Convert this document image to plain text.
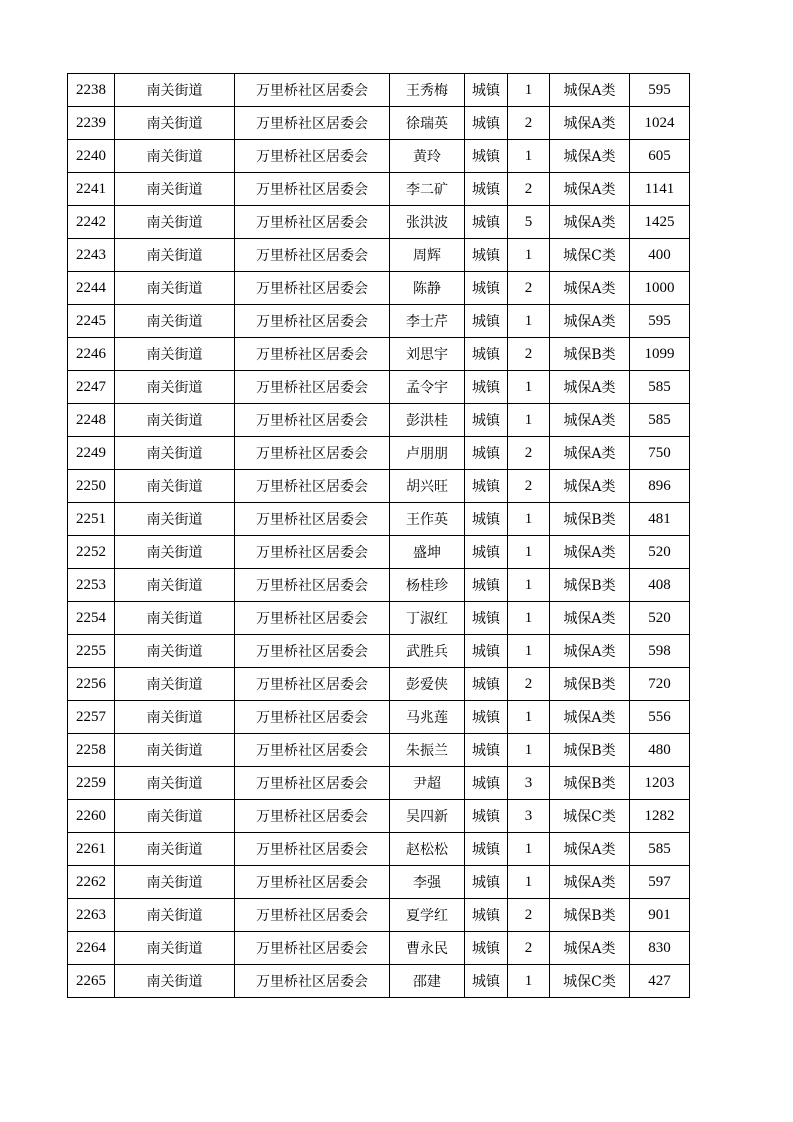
2238	南关街道	万里桥社区居委会	王秀梅	城镇	1	城保A类	595
2239	南关街道	万里桥社区居委会	徐瑞英	城镇	2	城保A类	1024
2240	南关街道	万里桥社区居委会	黄玲	城镇	1	城保A类	605
2241	南关街道	万里桥社区居委会	李二矿	城镇	2	城保A类	1141
2242	南关街道	万里桥社区居委会	张洪波	城镇	5	城保A类	1425
2243	南关街道	万里桥社区居委会	周辉	城镇	1	城保C类	400
2244	南关街道	万里桥社区居委会	陈静	城镇	2	城保A类	1000
2245	南关街道	万里桥社区居委会	李士芹	城镇	1	城保A类	595
2246	南关街道	万里桥社区居委会	刘思宇	城镇	2	城保B类	1099
2247	南关街道	万里桥社区居委会	孟令宇	城镇	1	城保A类	585
2248	南关街道	万里桥社区居委会	彭洪桂	城镇	1	城保A类	585
2249	南关街道	万里桥社区居委会	卢朋朋	城镇	2	城保A类	750
2250	南关街道	万里桥社区居委会	胡兴旺	城镇	2	城保A类	896
2251	南关街道	万里桥社区居委会	王作英	城镇	1	城保B类	481
2252	南关街道	万里桥社区居委会	盛坤	城镇	1	城保A类	520
2253	南关街道	万里桥社区居委会	杨桂珍	城镇	1	城保B类	408
2254	南关街道	万里桥社区居委会	丁淑红	城镇	1	城保A类	520
2255	南关街道	万里桥社区居委会	武胜兵	城镇	1	城保A类	598
2256	南关街道	万里桥社区居委会	彭爱侠	城镇	2	城保B类	720
2257	南关街道	万里桥社区居委会	马兆莲	城镇	1	城保A类	556
2258	南关街道	万里桥社区居委会	朱振兰	城镇	1	城保B类	480
2259	南关街道	万里桥社区居委会	尹超	城镇	3	城保B类	1203
2260	南关街道	万里桥社区居委会	吴四新	城镇	3	城保C类	1282
2261	南关街道	万里桥社区居委会	赵松松	城镇	1	城保A类	585
2262	南关街道	万里桥社区居委会	李强	城镇	1	城保A类	597
2263	南关街道	万里桥社区居委会	夏学红	城镇	2	城保B类	901
2264	南关街道	万里桥社区居委会	曹永民	城镇	2	城保A类	830
2265	南关街道	万里桥社区居委会	邵建	城镇	1	城保C类	427
